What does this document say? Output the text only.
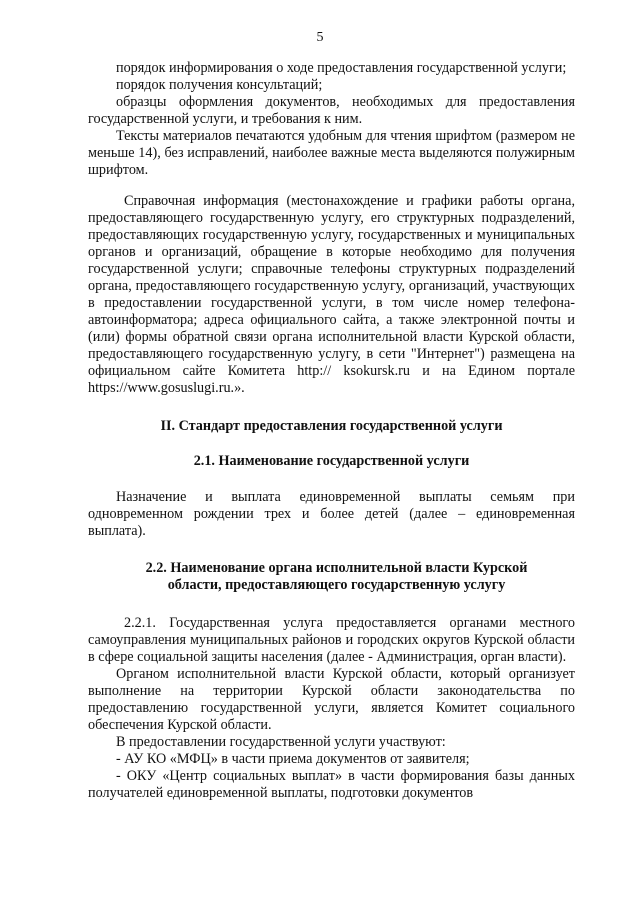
5

порядок информирования о ходе предоставления государственной услуги;

порядок получения консультаций;

образцы оформления документов, необходимых для предоставления государственной услуги, и требования к ним.

Тексты материалов печатаются удобным для чтения шрифтом (размером не меньше 14), без исправлений, наиболее важные места выделяются полужирным шрифтом.

Справочная информация (местонахождение и графики работы органа, предоставляющего государственную услугу, его структурных подразделений, предоставляющих государственную услугу, государственных и муниципальных органов и организаций, обращение в которые необходимо для получения государственной услуги; справочные телефоны структурных подразделений органа, предоставляющего государственную услугу, организаций, участвующих в предоставлении государственной услуги, в том числе номер телефона-автоинформатора; адреса официального сайта, а также электронной почты и (или) формы обратной связи органа исполнительной власти Курской области, предоставляющего государственную услугу, в сети "Интернет") размещена на официальном сайте Комитета http:// ksokursk.ru и на Едином портале https://www.gosuslugi.ru.».

II. Стандарт предоставления государственной услуги

2.1. Наименование государственной услуги

Назначение и выплата единовременной выплаты семьям при одновременном рождении трех и более детей (далее – единовременная выплата).

2.2. Наименование органа исполнительной власти Курской области, предоставляющего государственную услугу

2.2.1. Государственная услуга предоставляется органами местного самоуправления муниципальных районов и городских округов Курской области в сфере социальной защиты населения (далее - Администрация, орган власти).

Органом исполнительной власти Курской области, который организует выполнение на территории Курской области законодательства по предоставлению государственной услуги, является Комитет социального обеспечения Курской области.

В предоставлении государственной услуги участвуют:

- АУ КО «МФЦ» в части приема документов от заявителя;

- ОКУ «Центр социальных выплат» в части формирования базы данных получателей единовременной выплаты, подготовки документов
